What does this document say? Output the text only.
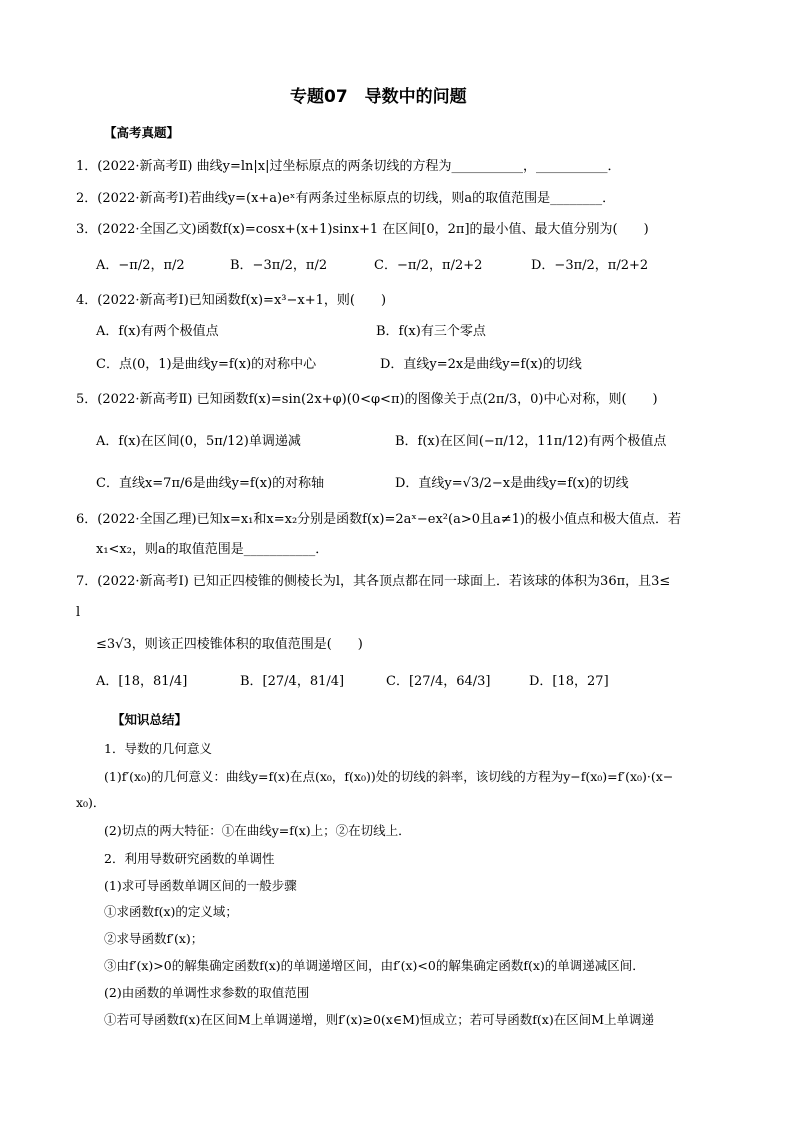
专题07　导数中的问题
【高考真题】
1．(2022·新高考Ⅱ) 曲线y=ln|x|过坐标原点的两条切线的方程为___________，___________．
2．(2022·新高考Ⅰ)若曲线y=(x+a)eˣ有两条过坐标原点的切线，则a的取值范围是________．
3．(2022·全国乙文)函数f(x)=cosx+(x+1)sinx+1 在区间[0，2π]的最小值、最大值分别为(　　)
A．−π/2，π/2	B．−3π/2，π/2	C．−π/2，π/2+2	D．−3π/2，π/2+2
4．(2022·新高考Ⅰ)已知函数f(x)=x³−x+1，则(　　)
A．f(x)有两个极值点	B．f(x)有三个零点
C．点(0，1)是曲线y=f(x)的对称中心	D．直线y=2x是曲线y=f(x)的切线
5．(2022·新高考Ⅱ) 已知函数f(x)=sin(2x+φ)(0<φ<π)的图像关于点(2π/3，0)中心对称，则(　　)
A．f(x)在区间(0，5π/12)单调递减	B．f(x)在区间(−π/12，11π/12)有两个极值点
C．直线x=7π/6是曲线y=f(x)的对称轴	D．直线y=√3/2−x是曲线y=f(x)的切线
6．(2022·全国乙理)已知x=x₁和x=x₂分别是函数f(x)=2aˣ−ex²(a>0且a≠1)的极小值点和极大值点．若
x₁<x₂，则a的取值范围是___________．
7．(2022·新高考Ⅰ) 已知正四棱锥的侧棱长为l，其各顶点都在同一球面上．若该球的体积为36π，且3≤
l
≤3√3，则该正四棱锥体积的取值范围是(　　)
A．[18，81/4]	B．[27/4，81/4]	C．[27/4，64/3]	D．[18，27]
【知识总结】
1．导数的几何意义
(1)f′(x₀)的几何意义：曲线y=f(x)在点(x₀，f(x₀))处的切线的斜率，该切线的方程为y−f(x₀)=f′(x₀)·(x−
x₀)．
(2)切点的两大特征：①在曲线y=f(x)上；②在切线上．
2．利用导数研究函数的单调性
(1)求可导函数单调区间的一般步骤
①求函数f(x)的定义域；
②求导函数f′(x)；
③由f′(x)>0的解集确定函数f(x)的单调递增区间，由f′(x)<0的解集确定函数f(x)的单调递减区间．
(2)由函数的单调性求参数的取值范围
①若可导函数f(x)在区间M上单调递增，则f′(x)≥0(x∈M)恒成立；若可导函数f(x)在区间M上单调递
